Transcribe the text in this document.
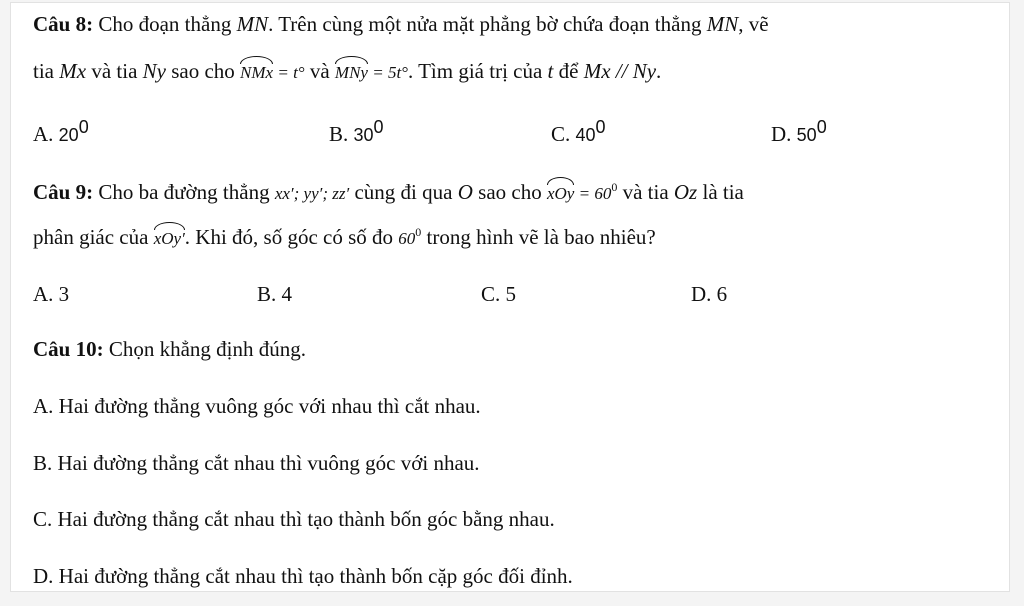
Câu 8: Cho đoạn thẳng MN. Trên cùng một nửa mặt phẳng bờ chứa đoạn thẳng MN, vẽ
tia Mx và tia Ny sao cho NMx = t° và MNy = 5t°. Tìm giá trị của t để Mx // Ny.
A. $20^0$	B. $30^0$	C. $40^0$	D. $50^0$
Câu 9: Cho ba đường thẳng xx′; yy′; zz′ cùng đi qua O sao cho xOy = $60^0$ và tia Oz là tia
phân giác của xOy′. Khi đó, số góc có số đo $60^0$ trong hình vẽ là bao nhiêu?
A. 3	B. 4	C. 5	D. 6
Câu 10: Chọn khẳng định đúng.
A. Hai đường thẳng vuông góc với nhau thì cắt nhau.
B. Hai đường thẳng cắt nhau thì vuông góc với nhau.
C. Hai đường thẳng cắt nhau thì tạo thành bốn góc bằng nhau.
D. Hai đường thẳng cắt nhau thì tạo thành bốn cặp góc đối đỉnh.
